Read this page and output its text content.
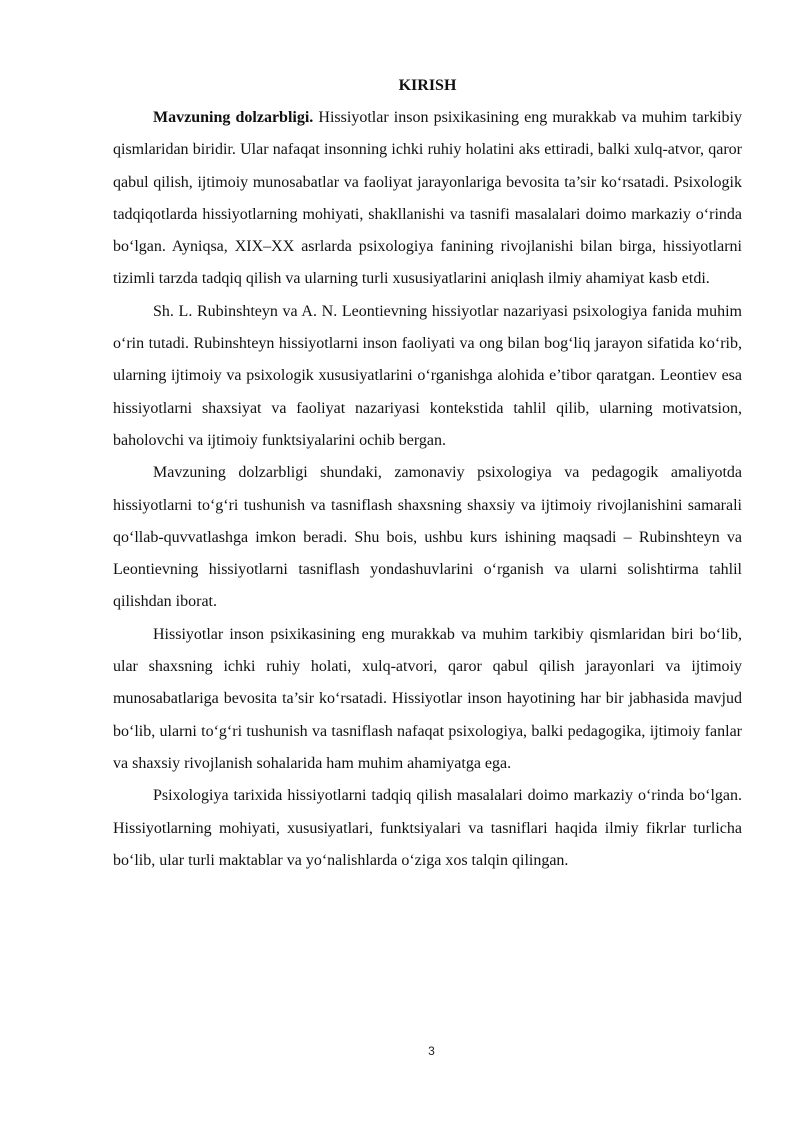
KIRISH

Mavzuning dolzarbligi. Hissiyotlar inson psixikasining eng murakkab va muhim tarkibiy qismlaridan biridir. Ular nafaqat insonning ichki ruhiy holatini aks ettiradi, balki xulq-atvor, qaror qabul qilish, ijtimoiy munosabatlar va faoliyat jarayonlariga bevosita ta’sir ko‘rsatadi. Psixologik tadqiqotlarda hissiyotlarning mohiyati, shakllanishi va tasnifi masalalari doimo markaziy o‘rinda bo‘lgan. Ayniqsa, XIX–XX asrlarda psixologiya fanining rivojlanishi bilan birga, hissiyotlarni tizimli tarzda tadqiq qilish va ularning turli xususiyatlarini aniqlash ilmiy ahamiyat kasb etdi.

Sh. L. Rubinshteyn va A. N. Leontievning hissiyotlar nazariyasi psixologiya fanida muhim o‘rin tutadi. Rubinshteyn hissiyotlarni inson faoliyati va ong bilan bog‘liq jarayon sifatida ko‘rib, ularning ijtimoiy va psixologik xususiyatlarini o‘rganishga alohida e’tibor qaratgan. Leontiev esa hissiyotlarni shaxsiyat va faoliyat nazariyasi kontekstida tahlil qilib, ularning motivatsion, baholovchi va ijtimoiy funktsiyalarini ochib bergan.

Mavzuning dolzarbligi shundaki, zamonaviy psixologiya va pedagogik amaliyotda hissiyotlarni to‘g‘ri tushunish va tasniflash shaxsning shaxsiy va ijtimoiy rivojlanishini samarali qo‘llab-quvvatlashga imkon beradi. Shu bois, ushbu kurs ishining maqsadi – Rubinshteyn va Leontievning hissiyotlarni tasniflash yondashuvlarini o‘rganish va ularni solishtirma tahlil qilishdan iborat.

Hissiyotlar inson psixikasining eng murakkab va muhim tarkibiy qismlaridan biri bo‘lib, ular shaxsning ichki ruhiy holati, xulq-atvori, qaror qabul qilish jarayonlari va ijtimoiy munosabatlariga bevosita ta’sir ko‘rsatadi. Hissiyotlar inson hayotining har bir jabhasida mavjud bo‘lib, ularni to‘g‘ri tushunish va tasniflash nafaqat psixologiya, balki pedagogika, ijtimoiy fanlar va shaxsiy rivojlanish sohalarida ham muhim ahamiyatga ega.

Psixologiya tarixida hissiyotlarni tadqiq qilish masalalari doimo markaziy o‘rinda bo‘lgan. Hissiyotlarning mohiyati, xususiyatlari, funktsiyalari va tasniflari haqida ilmiy fikrlar turlicha bo‘lib, ular turli maktablar va yo‘nalishlarda o‘ziga xos talqin qilingan.

3
